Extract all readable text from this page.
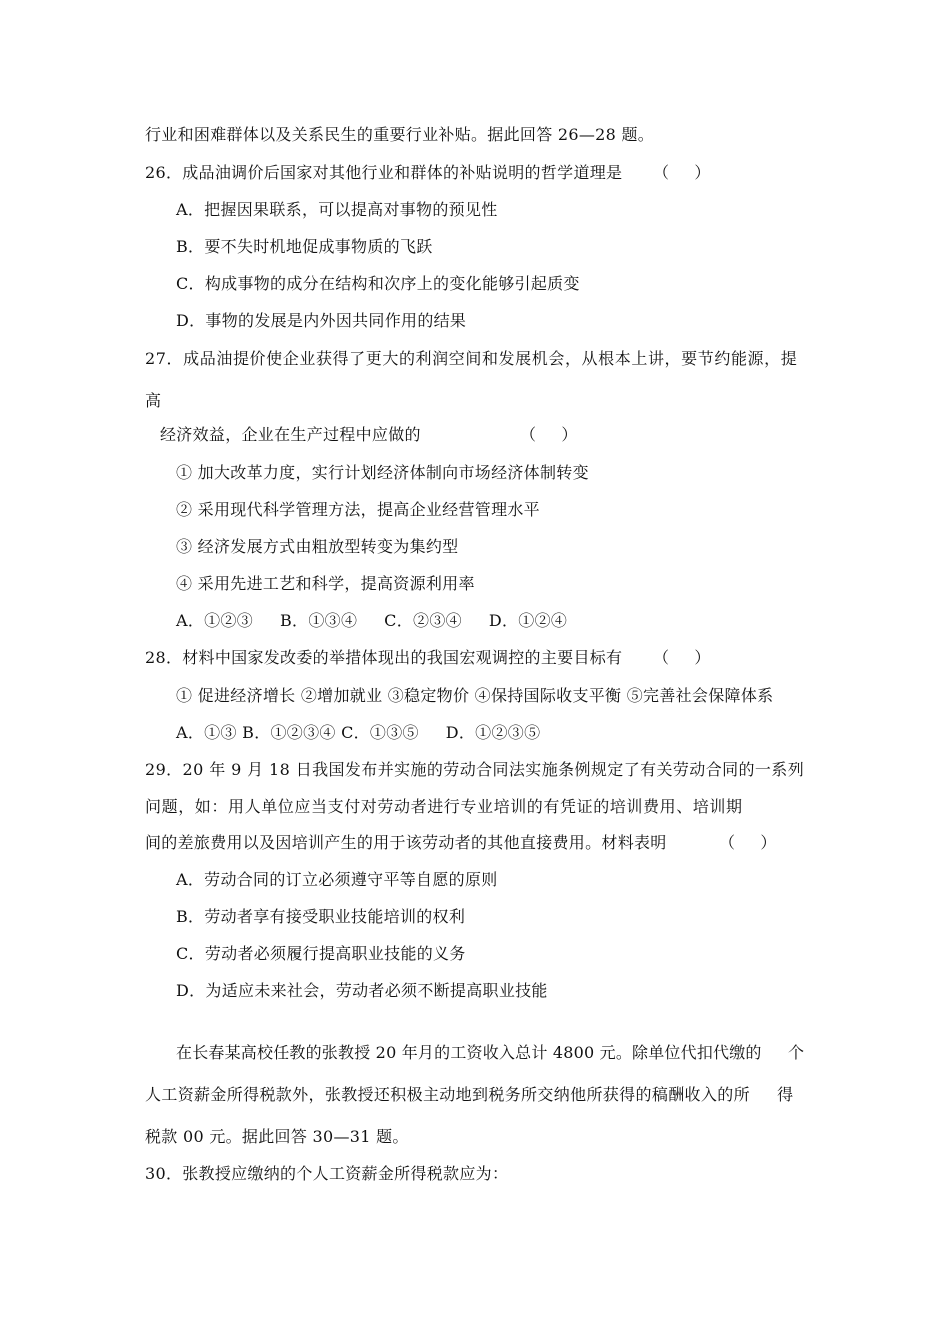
行业和困难群体以及关系民生的重要行业补贴。据此回答 26—28 题。
26．成品油调价后国家对其他行业和群体的补贴说明的哲学道理是 （     ）
A．把握因果联系，可以提高对事物的预见性
B．要不失时机地促成事物质的飞跃
C．构成事物的成分在结构和次序上的变化能够引起质变
D．事物的发展是内外因共同作用的结果
27．成品油提价使企业获得了更大的利润空间和发展机会，从根本上讲，要节约能源，提
高
经济效益，企业在生产过程中应做的	（     ）
① 加大改革力度，实行计划经济体制向市场经济体制转变
② 采用现代科学管理方法，提高企业经营管理水平
③ 经济发展方式由粗放型转变为集约型
④ 采用先进工艺和科学，提高资源利用率
A．①②③     B．①③④     C．②③④     D．①②④
28．材料中国家发改委的举措体现出的我国宏观调控的主要目标有 （     ）
① 促进经济增长 ②增加就业 ③稳定物价 ④保持国际收支平衡 ⑤完善社会保障体系
A．①③ B．①②③④ C．①③⑤     D．①②③⑤
29．20 年 9 月 18 日我国发布并实施的劳动合同法实施条例规定了有关劳动合同的一系列
问题，如：用人单位应当支付对劳动者进行专业培训的有凭证的培训费用、培训期
间的差旅费用以及因培训产生的用于该劳动者的其他直接费用。材料表明	（     ）
A．劳动合同的订立必须遵守平等自愿的原则
B．劳动者享有接受职业技能培训的权利
C．劳动者必须履行提高职业技能的义务
D．为适应未来社会，劳动者必须不断提高职业技能
在长春某高校任教的张教授 20 年月的工资收入总计 4800 元。除单位代扣代缴的     个
人工资薪金所得税款外，张教授还积极主动地到税务所交纳他所获得的稿酬收入的所     得
税款 00 元。据此回答 30—31 题。
30．张教授应缴纳的个人工资薪金所得税款应为：
